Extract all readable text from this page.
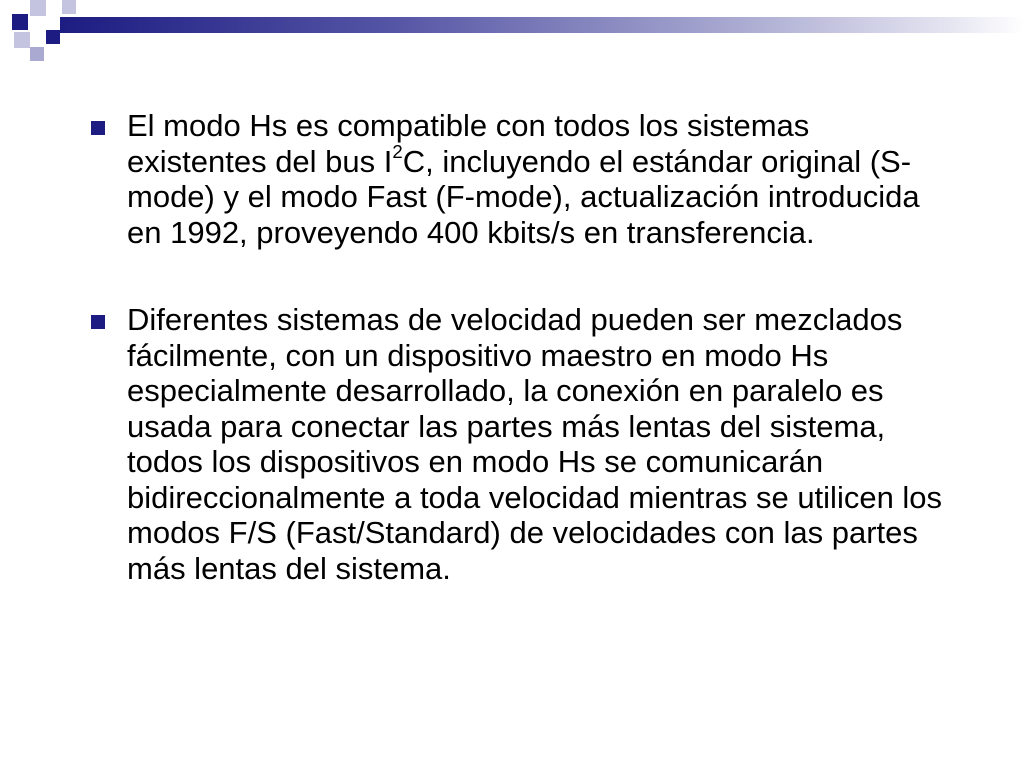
El modo Hs es compatible con todos los sistemas existentes del bus $I^2C$, incluyendo el estándar original (S-mode) y el modo Fast (F-mode), actualización introducida en 1992, proveyendo 400 kbits/s en transferencia.
Diferentes sistemas de velocidad pueden ser mezclados fácilmente, con un dispositivo maestro en modo Hs especialmente desarrollado, la conexión en paralelo es usada para conectar las partes más lentas del sistema, todos los dispositivos en modo Hs se comunicarán bidireccionalmente a toda velocidad mientras se utilicen los modos F/S (Fast/Standard) de velocidades con las partes más lentas del sistema.
